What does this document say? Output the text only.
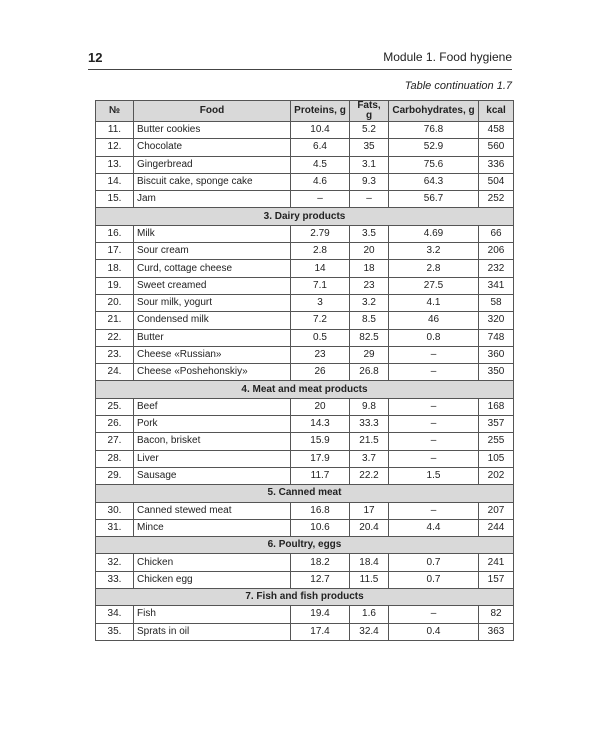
12	Module 1. Food hygiene
Table continuation 1.7
№	Food	Proteins, g	Fats, g	Carbohydrates, g	kcal
11.	Butter cookies	10.4	5.2	76.8	458
12.	Chocolate	6.4	35	52.9	560
13.	Gingerbread	4.5	3.1	75.6	336
14.	Biscuit cake, sponge cake	4.6	9.3	64.3	504
15.	Jam	–	–	56.7	252
3. Dairy products					
16.	Milk	2.79	3.5	4.69	66
17.	Sour cream	2.8	20	3.2	206
18.	Curd, cottage cheese	14	18	2.8	232
19.	Sweet creamed	7.1	23	27.5	341
20.	Sour milk, yogurt	3	3.2	4.1	58
21.	Condensed milk	7.2	8.5	46	320
22.	Butter	0.5	82.5	0.8	748
23.	Cheese «Russian»	23	29	–	360
24.	Cheese «Poshehonskiy»	26	26.8	–	350
4. Meat and meat products					
25.	Beef	20	9.8	–	168
26.	Pork	14.3	33.3	–	357
27.	Bacon, brisket	15.9	21.5	–	255
28.	Liver	17.9	3.7	–	105
29.	Sausage	11.7	22.2	1.5	202
5. Canned meat					
30.	Canned stewed meat	16.8	17	–	207
31.	Mince	10.6	20.4	4.4	244
6. Poultry, eggs					
32.	Chicken	18.2	18.4	0.7	241
33.	Chicken egg	12.7	11.5	0.7	157
7. Fish and fish products					
34.	Fish	19.4	1.6	–	82
35.	Sprats in oil	17.4	32.4	0.4	363
